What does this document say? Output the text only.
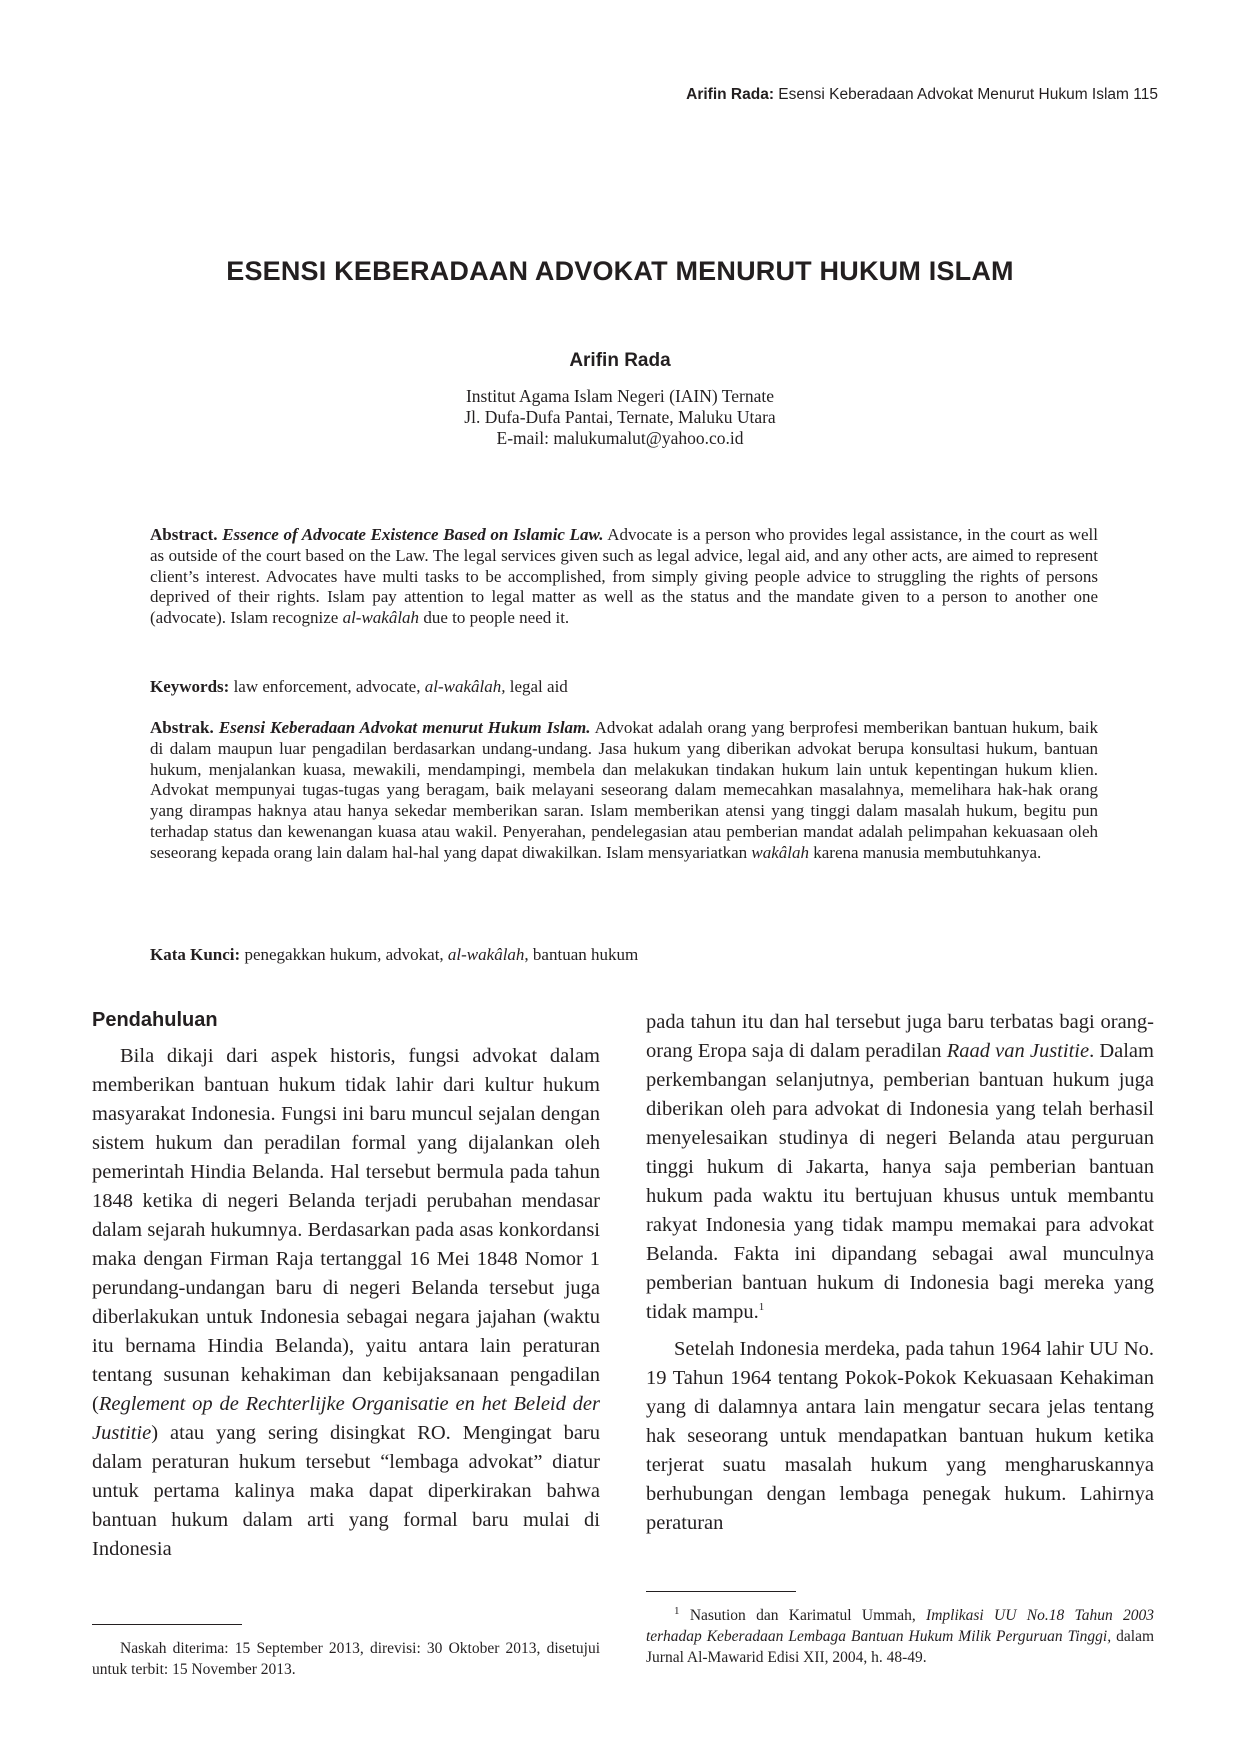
Arifin Rada: Esensi Keberadaan Advokat Menurut Hukum Islam 115
ESENSI KEBERADAAN ADVOKAT MENURUT HUKUM ISLAM
Arifin Rada
Institut Agama Islam Negeri (IAIN) Ternate
Jl. Dufa-Dufa Pantai, Ternate, Maluku Utara
E-mail: malukumalut@yahoo.co.id
Abstract. Essence of Advocate Existence Based on Islamic Law. Advocate is a person who provides legal assistance, in the court as well as outside of the court based on the Law. The legal services given such as legal advice, legal aid, and any other acts, are aimed to represent client’s interest. Advocates have multi tasks to be accomplished, from simply giving people advice to struggling the rights of persons deprived of their rights. Islam pay attention to legal matter as well as the status and the mandate given to a person to another one (advocate). Islam recognize al-wakâlah due to people need it.
Keywords: law enforcement, advocate, al-wakâlah, legal aid
Abstrak. Esensi Keberadaan Advokat menurut Hukum Islam. Advokat adalah orang yang berprofesi memberikan bantuan hukum, baik di dalam maupun luar pengadilan berdasarkan undang-undang. Jasa hukum yang diberikan advokat berupa konsultasi hukum, bantuan hukum, menjalankan kuasa, mewakili, mendampingi, membela dan melakukan tindakan hukum lain untuk kepentingan hukum klien. Advokat mempunyai tugas-tugas yang beragam, baik melayani seseorang dalam memecahkan masalahnya, memelihara hak-hak orang yang dirampas haknya atau hanya sekedar memberikan saran. Islam memberikan atensi yang tinggi dalam masalah hukum, begitu pun terhadap status dan kewenangan kuasa atau wakil. Penyerahan, pendelegasian atau pemberian mandat adalah pelimpahan kekuasaan oleh seseorang kepada orang lain dalam hal-hal yang dapat diwakilkan. Islam mensyariatkan wakâlah karena manusia membutuhkanya.
Kata Kunci: penegakkan hukum, advokat, al-wakâlah, bantuan hukum
Pendahuluan

Bila dikaji dari aspek historis, fungsi advokat dalam memberikan bantuan hukum tidak lahir dari kultur hukum masyarakat Indonesia. Fungsi ini baru muncul sejalan dengan sistem hukum dan peradilan formal yang dijalankan oleh pemerintah Hindia Belanda. Hal tersebut bermula pada tahun 1848 ketika di negeri Belanda terjadi perubahan mendasar dalam sejarah hukumnya. Berdasarkan pada asas konkordansi maka dengan Firman Raja tertanggal 16 Mei 1848 Nomor 1 perundang-undangan baru di negeri Belanda tersebut juga diberlakukan untuk Indonesia sebagai negara jajahan (waktu itu bernama Hindia Belanda), yaitu antara lain peraturan tentang susunan kehakiman dan kebijaksanaan pengadilan (Reglement op de Rechterlijke Organisatie en het Beleid der Justitie) atau yang sering disingkat RO. Mengingat baru dalam peraturan hukum tersebut “lembaga advokat” diatur untuk pertama kalinya maka dapat diperkirakan bahwa bantuan hukum dalam arti yang formal baru mulai di Indonesia

pada tahun itu dan hal tersebut juga baru terbatas bagi orang-orang Eropa saja di dalam peradilan Raad van Justitie. Dalam perkembangan selanjutnya, pemberian bantuan hukum juga diberikan oleh para advokat di Indonesia yang telah berhasil menyelesaikan studinya di negeri Belanda atau perguruan tinggi hukum di Jakarta, hanya saja pemberian bantuan hukum pada waktu itu bertujuan khusus untuk membantu rakyat Indonesia yang tidak mampu memakai para advokat Belanda. Fakta ini dipandang sebagai awal munculnya pemberian bantuan hukum di Indonesia bagi mereka yang tidak mampu.$^1$

Setelah Indonesia merdeka, pada tahun 1964 lahir UU No. 19 Tahun 1964 tentang Pokok-Pokok Kekuasaan Kehakiman yang di dalamnya antara lain mengatur secara jelas tentang hak seseorang untuk mendapatkan bantuan hukum ketika terjerat suatu masalah hukum yang mengharuskannya berhubungan dengan lembaga penegak hukum. Lahirnya peraturan

Naskah diterima: 15 September 2013, direvisi: 30 Oktober 2013, disetujui untuk terbit: 15 November 2013.
$^1$ Nasution dan Karimatul Ummah, Implikasi UU No.18 Tahun 2003 terhadap Keberadaan Lembaga Bantuan Hukum Milik Perguruan Tinggi, dalam Jurnal Al-Mawarid Edisi XII, 2004, h. 48-49.
